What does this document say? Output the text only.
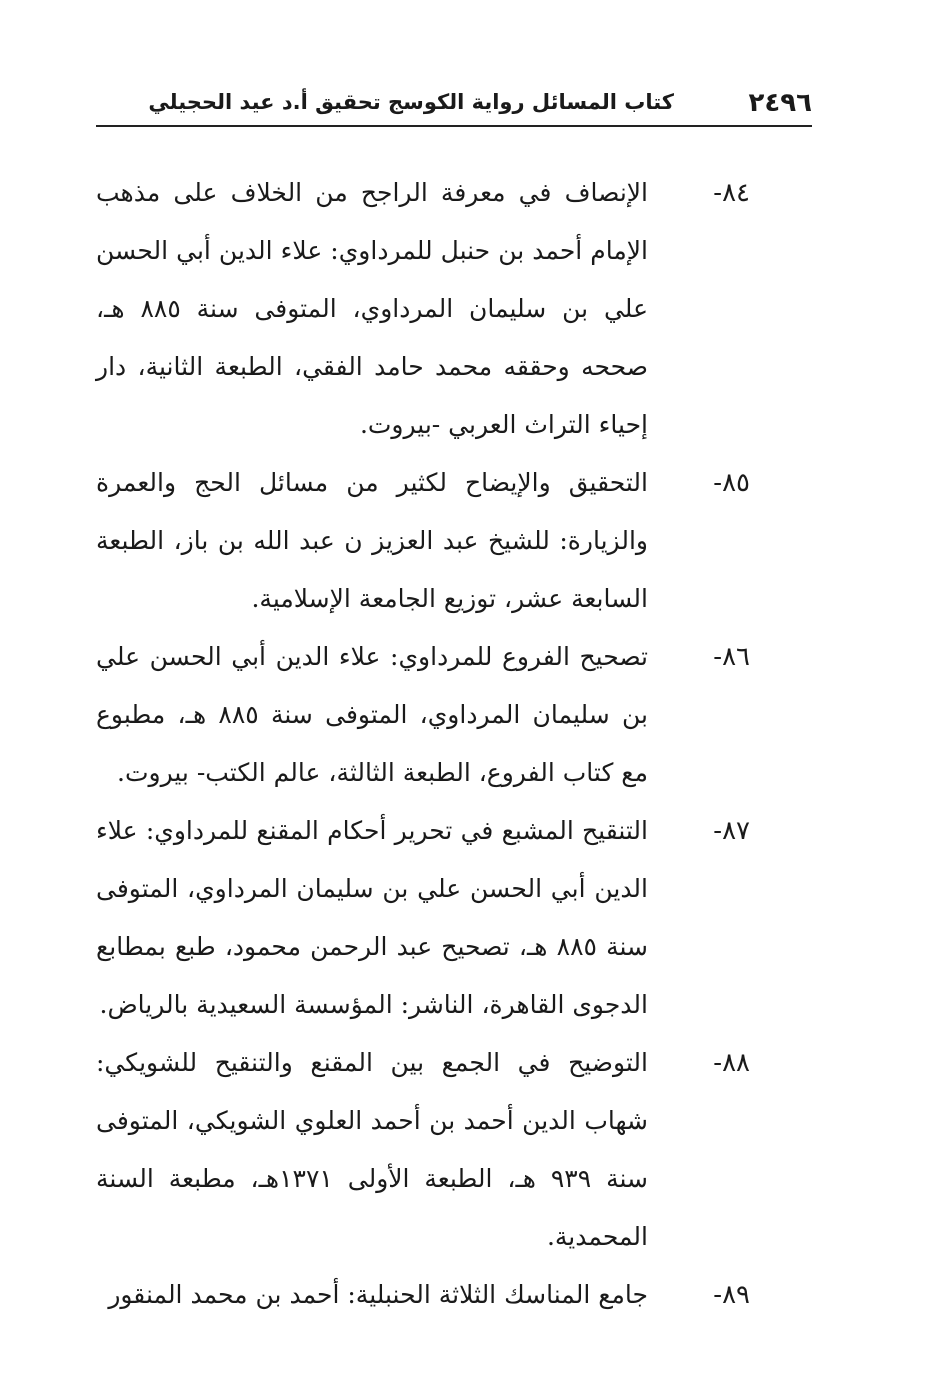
٢٤٩٦
كتاب المسائل رواية الكوسج تحقيق أ.د عيد الحجيلي
٨٤-
الإنصاف في معرفة الراجح من الخلاف على مذهب الإمام أحمد بن حنبل للمرداوي: علاء الدين أبي الحسن علي بن سليمان المرداوي، المتوفى سنة ٨٨٥ هـ، صححه وحققه محمد حامد الفقي، الطبعة الثانية، دار إحياء التراث العربي -بيروت.
٨٥-
التحقيق والإيضاح لكثير من مسائل الحج والعمرة والزيارة: للشيخ عبد العزيز ن عبد الله بن باز، الطبعة السابعة عشر، توزيع الجامعة الإسلامية.
٨٦-
تصحيح الفروع للمرداوي: علاء الدين أبي الحسن علي بن سليمان المرداوي، المتوفى سنة ٨٨٥ هـ، مطبوع مع كتاب الفروع، الطبعة الثالثة، عالم الكتب- بيروت.
٨٧-
التنقيح المشبع في تحرير أحكام المقنع للمرداوي: علاء الدين أبي الحسن علي بن سليمان المرداوي، المتوفى سنة ٨٨٥ هـ، تصحيح عبد الرحمن محمود، طبع بمطابع الدجوى القاهرة، الناشر: المؤسسة السعيدية بالرياض.
٨٨-
التوضيح في الجمع بين المقنع والتنقيح للشويكي: شهاب الدين أحمد بن أحمد العلوي الشويكي، المتوفى سنة ٩٣٩ هـ، الطبعة الأولى ١٣٧١هـ، مطبعة السنة المحمدية.
٨٩-
جامع المناسك الثلاثة الحنبلية: أحمد بن محمد المنقور
